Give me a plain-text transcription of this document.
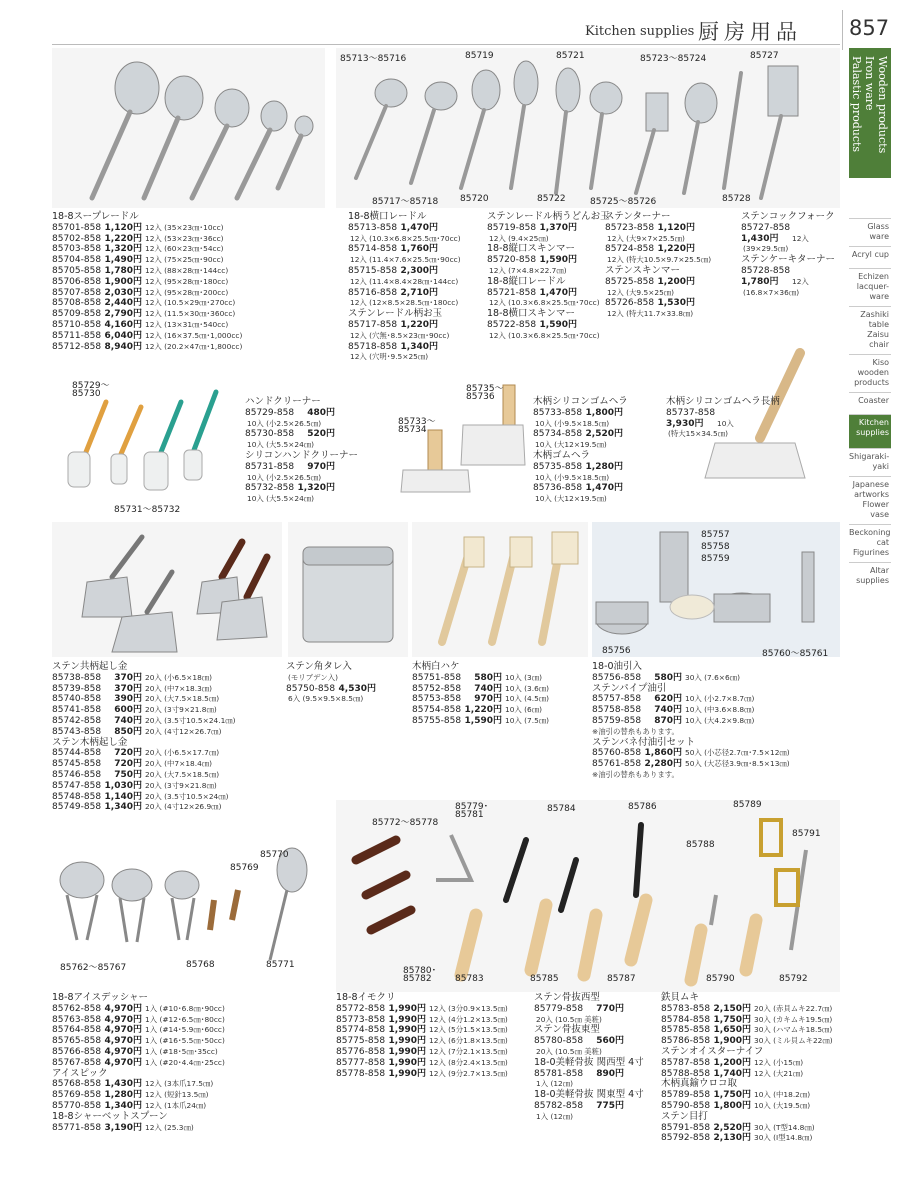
Kitchen supplies 厨房用品 857
Wooden products
Iron ware
Palastic products
Glass ware
Acryl cup
Echizen lacquer-ware
Zashiki table Zaisu chair
Kiso wooden products
Coaster
Kitchen supplies
Shigaraki-yaki
Japanese artworks Flower vase
Beckoning cat Figurines
Altar supplies
85713～85716	85719	85721	85723～85724	85727
85717～85718 85720	85722	85725～85726	85728
85729～
85730
85731～85732
85735～
85736
85733～
85734
85757
85758
85759
85756	85760～85761
85779･
85781
85772～85778
85784	85786	85789
85788
85791
85770
85769
85762～85767	85768	85771
85780･
85782	85783	85785	85787	85790	85792
18-8スープレードル
85701-858 1,120円 12入 (35×23㎝･10cc)
85702-858 1,220円 12入 (53×23㎝･36cc)
85703-858 1,320円 12入 (60×23㎝･54cc)
85704-858 1,490円 12入 (75×25㎝･90cc)
85705-858 1,780円 12入 (88×28㎝･144cc)
85706-858 1,900円 12入 (95×28㎝･180cc)
85707-858 2,030円 12入 (95×28㎝･200cc)
85708-858 2,440円 12入 (10.5×29㎝･270cc)
85709-858 2,790円 12入 (11.5×30㎝･360cc)
85710-858 4,160円 12入 (13×31㎝･540cc)
85711-858 6,040円 12入 (16×37.5㎝･1,000cc)
85712-858 8,940円 12入 (20.2×47㎝･1,800cc)
18-8横口レードル
85713-858 1,470円
12入 (10.3×6.8×25.5㎝･70cc)
85714-858 1,760円
12入 (11.4×7.6×25.5㎝･90cc)
85715-858 2,300円
12入 (11.4×8.4×28㎝･144cc)
85716-858 2,710円
12入 (12×8.5×28.5㎝･180cc)
ステンレードル柄お玉
85717-858 1,220円
12入 (穴無･8.5×23㎝･90cc)
85718-858 1,340円
12入 (穴明･9.5×25㎝)
ステンレードル柄うどんお玉
85719-858 1,370円
12入 (9.4×25㎝)
18-8縦口スキンマー
85720-858 1,590円
12入 (7×4.8×22.7㎝)
18-8縦口レードル
85721-858 1,470円
12入 (10.3×6.8×25.5㎝･70cc)
18-8横口スキンマー
85722-858 1,590円
12入 (10.3×6.8×25.5㎝･70cc)
ステンターナー
85723-858 1,120円
12入 (大9×7×25.5㎝)
85724-858 1,220円
12入 (特大10.5×9.7×25.5㎝)
ステンスキンマー
85725-858 1,200円
12入 (大9.5×25㎝)
85726-858 1,530円
12入 (特大11.7×33.8㎝)
ステンコックフォーク
85727-858
1,430円 12入
(39×29.5㎝)
ステンケーキターナー
85728-858
1,780円 12入
(16.8×7×36㎝)
ハンドクリーナー
85729-858 480円
10入 (小2.5×26.5㎝)
85730-858 520円
10入 (大5.5×24㎝)
シリコンハンドクリーナー
85731-858 970円
10入 (小2.5×26.5㎝)
85732-858 1,320円
10入 (大5.5×24㎝)
木柄シリコンゴムヘラ
85733-858 1,800円
10入 (小9.5×18.5㎝)
85734-858 2,520円
10入 (大12×19.5㎝)
木柄ゴムヘラ
85735-858 1,280円
10入 (小9.5×18.5㎝)
85736-858 1,470円
10入 (大12×19.5㎝)
木柄シリコンゴムヘラ長柄
85737-858
3,930円 10入
(特大15×34.5㎝)
ステン共柄起し金
85738-858 370円 20入 (小6.5×18㎝)
85739-858 370円 20入 (中7×18.3㎝)
85740-858 390円 20入 (大7.5×18.5㎝)
85741-858 600円 20入 (3寸9×21.8㎝)
85742-858 740円 20入 (3.5寸10.5×24.1㎝)
85743-858 850円 20入 (4寸12×26.7㎝)
ステン木柄起し金
85744-858 720円 20入 (小6.5×17.7㎝)
85745-858 720円 20入 (中7×18.4㎝)
85746-858 750円 20入 (大7.5×18.5㎝)
85747-858 1,030円 20入 (3寸9×21.8㎝)
85748-858 1,140円 20入 (3.5寸10.5×24㎝)
85749-858 1,340円 20入 (4寸12×26.9㎝)
ステン角タレ入
(モリブデン入)
85750-858 4,530円
6入 (9.5×9.5×8.5㎝)
木柄白ハケ
85751-858 580円 10入 (3㎝)
85752-858 740円 10入 (3.6㎝)
85753-858 970円 10入 (4.5㎝)
85754-858 1,220円 10入 (6㎝)
85755-858 1,590円 10入 (7.5㎝)
18-0油引入
85756-858 580円 30入 (7.6×6㎝)
ステンパイプ油引
85757-858 620円 10入 (小2.7×8.7㎝)
85758-858 740円 10入 (中3.6×8.8㎝)
85759-858 870円 10入 (大4.2×9.8㎝)
※油引の替糸もあります。
ステンバネ付油引セット
85760-858 1,860円 50入 (小芯径2.7㎝･7.5×12㎝)
85761-858 2,280円 50入 (大芯径3.9㎝･8.5×13㎝)
※油引の替糸もあります。
18-8アイスデッシャー
85762-858 4,970円 1入 (#10･6.8㎝･90cc)
85763-858 4,970円 1入 (#12･6.5㎝･80cc)
85764-858 4,970円 1入 (#14･5.9㎝･60cc)
85765-858 4,970円 1入 (#16･5.5㎝･50cc)
85766-858 4,970円 1入 (#18･5㎝･35cc)
85767-858 4,970円 1入 (#20･4.4㎝･25cc)
アイスピック
85768-858 1,430円 12入 (3本爪17.5㎝)
85769-858 1,280円 12入 (短針13.5㎝)
85770-858 1,340円 12入 (1本爪24㎝)
18-8シャーベットスプーン
85771-858 3,190円 12入 (25.3㎝)
18-8イモクリ
85772-858 1,990円 12入 (3分0.9×13.5㎝)
85773-858 1,990円 12入 (4分1.2×13.5㎝)
85774-858 1,990円 12入 (5分1.5×13.5㎝)
85775-858 1,990円 12入 (6分1.8×13.5㎝)
85776-858 1,990円 12入 (7分2.1×13.5㎝)
85777-858 1,990円 12入 (8分2.4×13.5㎝)
85778-858 1,990円 12入 (9分2.7×13.5㎝)
ステン骨抜西型
85779-858 770円
20入 (10.5㎝ 美粧)
ステン骨抜東型
85780-858 560円
20入 (10.5㎝ 美粧)
18-0美軽骨抜 関西型 4寸
85781-858 890円
1入 (12㎝)
18-0美軽骨抜 関東型 4寸
85782-858 775円
1入 (12㎝)
鉄貝ムキ
85783-858 2,150円 20入 (赤貝ムキ22.7㎝)
85784-858 1,750円 30入 (カキムキ19.5㎝)
85785-858 1,650円 30入 (ハマムキ18.5㎝)
85786-858 1,900円 30入 (ミル貝ムキ22㎝)
ステンオイスターナイフ
85787-858 1,200円 12入 (小15㎝)
85788-858 1,740円 12入 (大21㎝)
木柄真鍮ウロコ取
85789-858 1,750円 10入 (中18.2㎝)
85790-858 1,800円 10入 (大19.5㎝)
ステン目打
85791-858 2,520円 30入 (T型14.8㎝)
85792-858 2,130円 30入 (I型14.8㎝)
